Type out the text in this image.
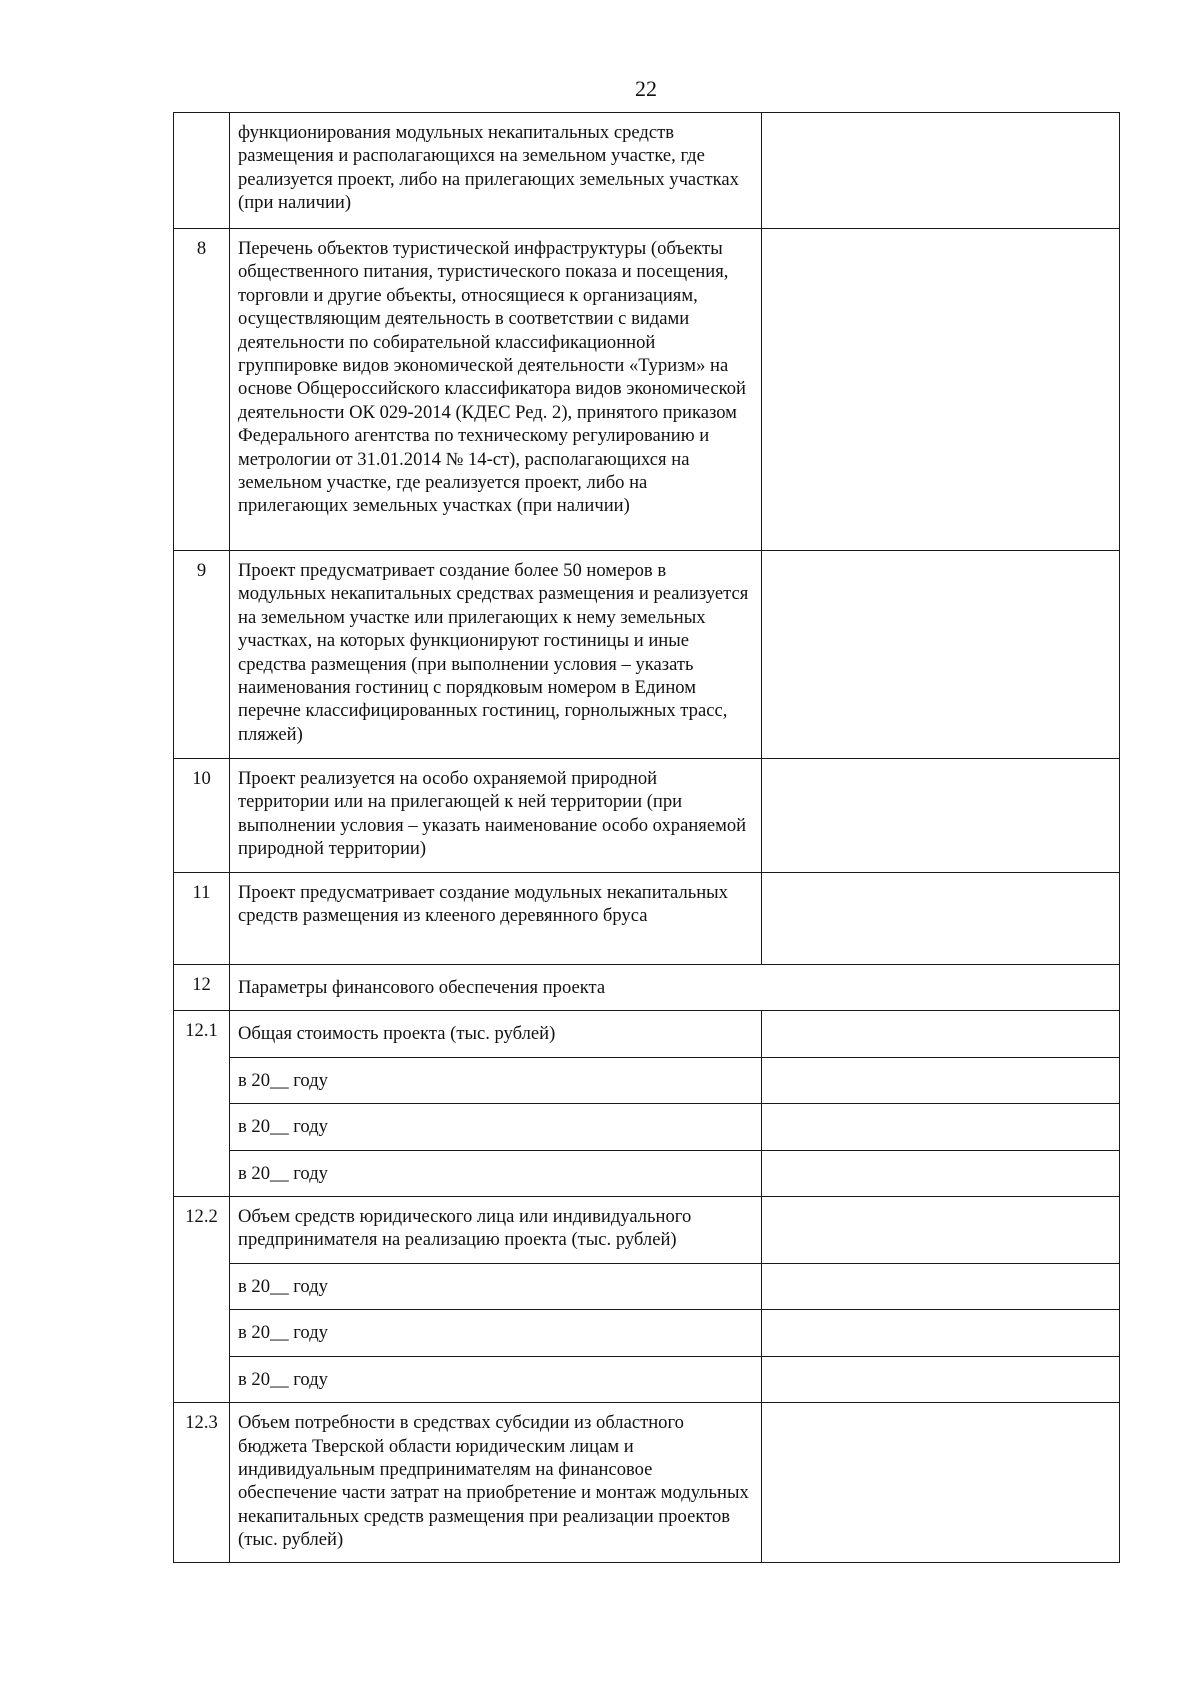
22
	функционирования модульных некапитальных средств размещения и располагающихся на земельном участке, где реализуется проект, либо на прилегающих земельных участках (при наличии)	
8	Перечень объектов туристической инфраструктуры (объекты общественного питания, туристического показа и посещения, торговли и другие объекты, относящиеся к организациям, осуществляющим деятельность в соответствии с видами деятельности по собирательной классификационной группировке видов экономической деятельности «Туризм» на основе Общероссийского классификатора видов экономической деятельности ОК 029-2014 (КДЕС Ред. 2), принятого приказом Федерального агентства по техническому регулированию и метрологии от 31.01.2014 № 14-ст), располагающихся на земельном участке, где реализуется проект, либо на прилегающих земельных участках (при наличии)	
9	Проект предусматривает создание более 50 номеров в модульных некапитальных средствах размещения и реализуется на земельном участке или прилегающих к нему земельных участках, на которых функционируют гостиницы и иные средства размещения (при выполнении условия – указать наименования гостиниц с порядковым номером в Едином перечне классифицированных гостиниц, горнолыжных трасс, пляжей)	
10	Проект реализуется на особо охраняемой природной территории или на прилегающей к ней территории (при выполнении условия – указать наименование особо охраняемой природной территории)	
11	Проект предусматривает создание модульных некапитальных средств размещения из клееного деревянного бруса	
12	Параметры финансового обеспечения проекта	
12.1	Общая стоимость проекта (тыс. рублей)	
	в 20__ году	
	в 20__ году	
	в 20__ году	
12.2	Объем средств юридического лица или индивидуального предпринимателя на реализацию проекта (тыс. рублей)	
	в 20__ году	
	в 20__ году	
	в 20__ году	
12.3	Объем потребности в средствах субсидии из областного бюджета Тверской области юридическим лицам и индивидуальным предпринимателям на финансовое обеспечение части затрат на приобретение и монтаж модульных некапитальных средств размещения при реализации проектов (тыс. рублей)	
